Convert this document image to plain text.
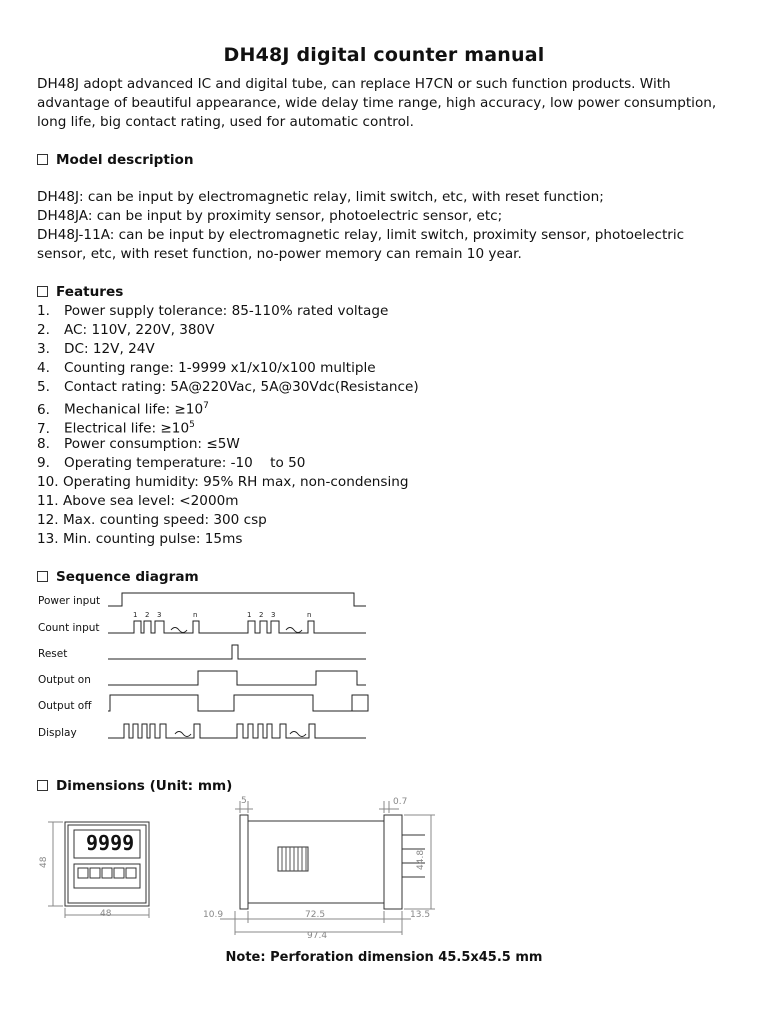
DH48J digital counter manual
DH48J adopt advanced IC and digital tube, can replace H7CN or such function products. With advantage of beautiful appearance, wide delay time range, high accuracy, low power consumption, long life, big contact rating, used for automatic control.
Model description
DH48J: can be input by electromagnetic relay, limit switch, etc, with reset function;
DH48JA: can be input by proximity sensor, photoelectric sensor, etc;
DH48J-11A: can be input by electromagnetic relay, limit switch, proximity sensor, photoelectric sensor, etc, with reset function, no-power memory can remain 10 year.
Features
1. Power supply tolerance: 85-110% rated voltage
2. AC: 110V, 220V, 380V
3. DC: 12V, 24V
4. Counting range: 1-9999 x1/x10/x100 multiple
5. Contact rating: 5A@220Vac, 5A@30Vdc(Resistance)
6. Mechanical life: $\ge 10^7$
7. Electrical life: $\ge 10^5$
8. Power consumption: ≤5W
9. Operating temperature: -10    to 50
10. Operating humidity: 95% RH max, non-condensing
11. Above sea level: <2000m
12. Max. counting speed: 300 csp
13. Min. counting pulse: 15ms
Sequence diagram
Power input
Count input
Reset
Output on
Output off
Display
1 2 3	n	1 2 3	n
Dimensions (Unit: mm)
9999
48
48
5	0.7
44.8
10.9	72.5	13.5
97.4
Note: Perforation dimension 45.5x45.5 mm
